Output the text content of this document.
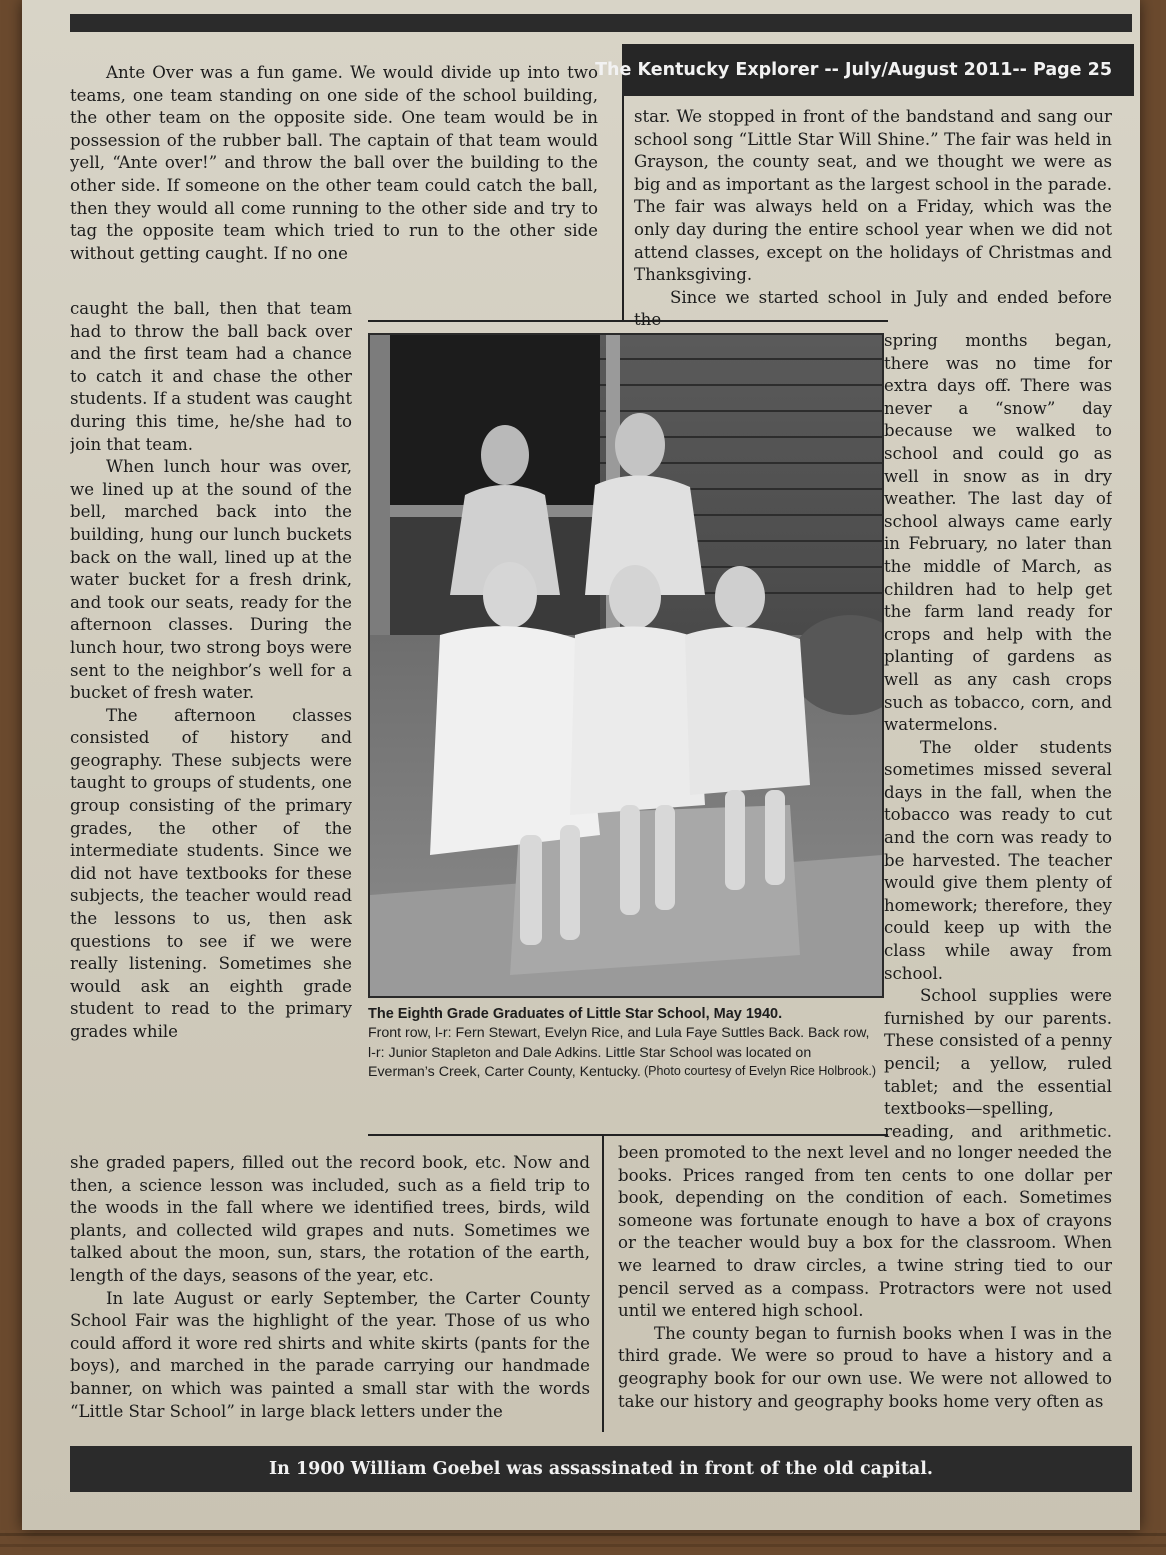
The Kentucky Explorer -- July/August 2011-- Page 25

Ante Over was a fun game. We would divide up into two teams, one team standing on one side of the school building, the other team on the opposite side. One team would be in possession of the rubber ball. The captain of that team would yell, “Ante over!” and throw the ball over the building to the other side. If someone on the other team could catch the ball, then they would all come running to the other side and try to tag the opposite team which tried to run to the other side without getting caught. If no one

caught the ball, then that team had to throw the ball back over and the first team had a chance to catch it and chase the other students. If a student was caught during this time, he/she had to join that team.

When lunch hour was over, we lined up at the sound of the bell, marched back into the building, hung our lunch buckets back on the wall, lined up at the water bucket for a fresh drink, and took our seats, ready for the afternoon classes. During the lunch hour, two strong boys were sent to the neighbor’s well for a bucket of fresh water.

The afternoon classes consisted of history and geography. These subjects were taught to groups of students, one group consisting of the primary grades, the other of the intermediate students. Since we did not have textbooks for these subjects, the teacher would read the lessons to us, then ask questions to see if we were really listening. Sometimes she would ask an eighth grade student to read to the primary grades while

she graded papers, filled out the record book, etc. Now and then, a science lesson was included, such as a field trip to the woods in the fall where we identified trees, birds, wild plants, and collected wild grapes and nuts. Sometimes we talked about the moon, sun, stars, the rotation of the earth, length of the days, seasons of the year, etc.

In late August or early September, the Carter County School Fair was the highlight of the year. Those of us who could afford it wore red shirts and white skirts (pants for the boys), and marched in the parade carrying our handmade banner, on which was painted a small star with the words “Little Star School” in large black letters under the

star. We stopped in front of the bandstand and sang our school song “Little Star Will Shine.” The fair was held in Grayson, the county seat, and we thought we were as big and as important as the largest school in the parade. The fair was always held on a Friday, which was the only day during the entire school year when we did not attend classes, except on the holidays of Christmas and Thanksgiving.

Since we started school in July and ended before the

spring months began, there was no time for extra days off. There was never a “snow” day because we walked to school and could go as well in snow as in dry weather. The last day of school always came early in February, no later than the middle of March, as children had to help get the farm land ready for crops and help with the planting of gardens as well as any cash crops such as tobacco, corn, and watermelons.

The older students sometimes missed several days in the fall, when the tobacco was ready to cut and the corn was ready to be harvested. The teacher would give them plenty of homework; therefore, they could keep up with the class while away from school.

School supplies were furnished by our parents. These consisted of a penny pencil; a yellow, ruled tablet; and the essential textbooks—spelling, reading, and arithmetic.

been promoted to the next level and no longer needed the books. Prices ranged from ten cents to one dollar per book, depending on the condition of each. Sometimes someone was fortunate enough to have a box of crayons or the teacher would buy a box for the classroom. When we learned to draw circles, a twine string tied to our pencil served as a compass. Protractors were not used until we entered high school.

The county began to furnish books when I was in the third grade. We were so proud to have a history and a geography book for our own use. We were not allowed to take our history and geography books home very often as

The Eighth Grade Graduates of Little Star School, May 1940.
Front row, l-r: Fern Stewart, Evelyn Rice, and Lula Faye Suttles Back. Back row, l-r: Junior Stapleton and Dale Adkins. Little Star School was located on Everman’s Creek, Carter County, Kentucky. (Photo courtesy of Evelyn Rice Holbrook.)
In 1900 William Goebel was assassinated in front of the old capital.
